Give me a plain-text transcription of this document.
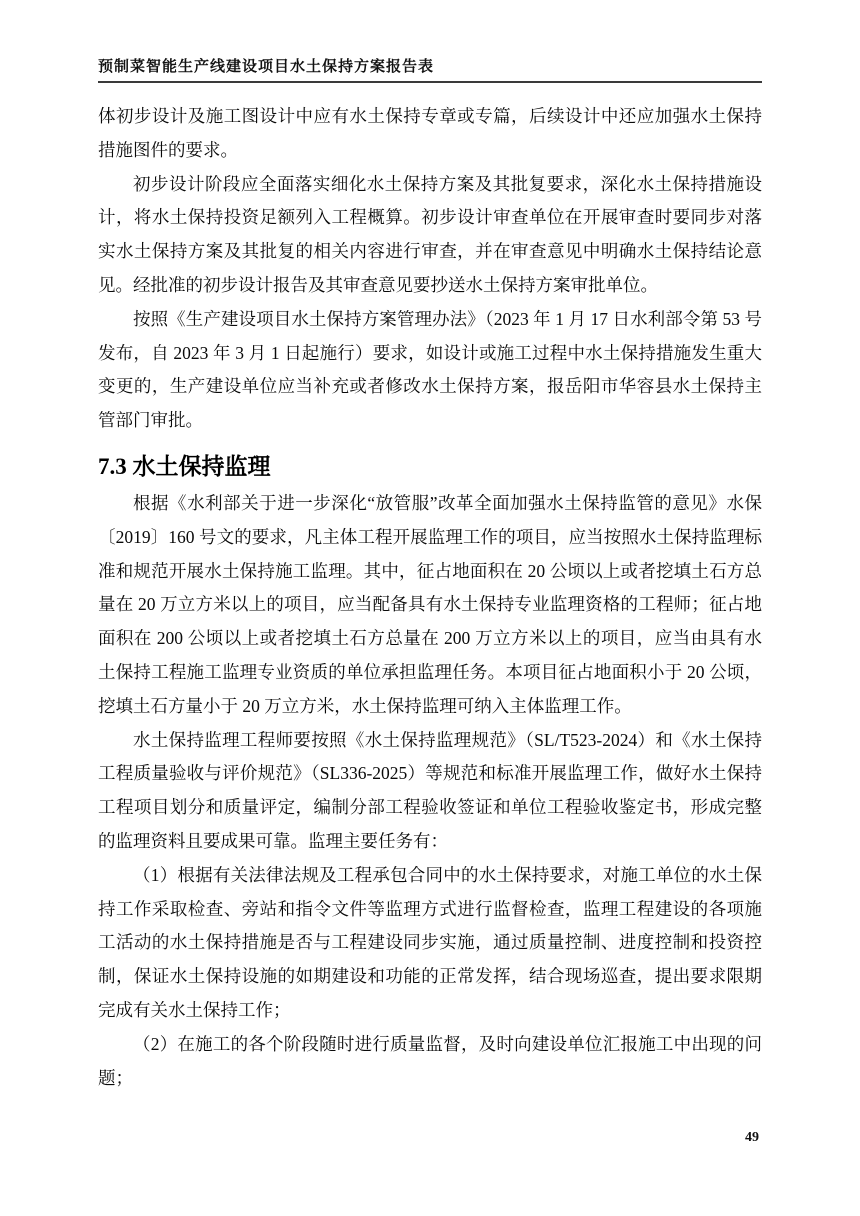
预制菜智能生产线建设项目水土保持方案报告表

体初步设计及施工图设计中应有水土保持专章或专篇，后续设计中还应加强水土保持措施图件的要求。

初步设计阶段应全面落实细化水土保持方案及其批复要求，深化水土保持措施设计，将水土保持投资足额列入工程概算。初步设计审查单位在开展审查时要同步对落实水土保持方案及其批复的相关内容进行审查，并在审查意见中明确水土保持结论意见。经批准的初步设计报告及其审查意见要抄送水土保持方案审批单位。

按照《生产建设项目水土保持方案管理办法》（2023 年 1 月 17 日水利部令第 53 号发布，自 2023 年 3 月 1 日起施行）要求，如设计或施工过程中水土保持措施发生重大变更的，生产建设单位应当补充或者修改水土保持方案，报岳阳市华容县水土保持主管部门审批。

7.3 水土保持监理

根据《水利部关于进一步深化“放管服”改革全面加强水土保持监管的意见》水保〔2019〕160 号文的要求，凡主体工程开展监理工作的项目，应当按照水土保持监理标准和规范开展水土保持施工监理。其中，征占地面积在 20 公顷以上或者挖填土石方总量在 20 万立方米以上的项目，应当配备具有水土保持专业监理资格的工程师；征占地面积在 200 公顷以上或者挖填土石方总量在 200 万立方米以上的项目，应当由具有水土保持工程施工监理专业资质的单位承担监理任务。本项目征占地面积小于 20 公顷，挖填土石方量小于 20 万立方米，水土保持监理可纳入主体监理工作。

水土保持监理工程师要按照《水土保持监理规范》（SL/T523-2024）和《水土保持工程质量验收与评价规范》（SL336-2025）等规范和标准开展监理工作，做好水土保持工程项目划分和质量评定，编制分部工程验收签证和单位工程验收鉴定书，形成完整的监理资料且要成果可靠。监理主要任务有：

（1）根据有关法律法规及工程承包合同中的水土保持要求，对施工单位的水土保持工作采取检查、旁站和指令文件等监理方式进行监督检查，监理工程建设的各项施工活动的水土保持措施是否与工程建设同步实施，通过质量控制、进度控制和投资控制，保证水土保持设施的如期建设和功能的正常发挥，结合现场巡查，提出要求限期完成有关水土保持工作；

（2）在施工的各个阶段随时进行质量监督，及时向建设单位汇报施工中出现的问题；

49
